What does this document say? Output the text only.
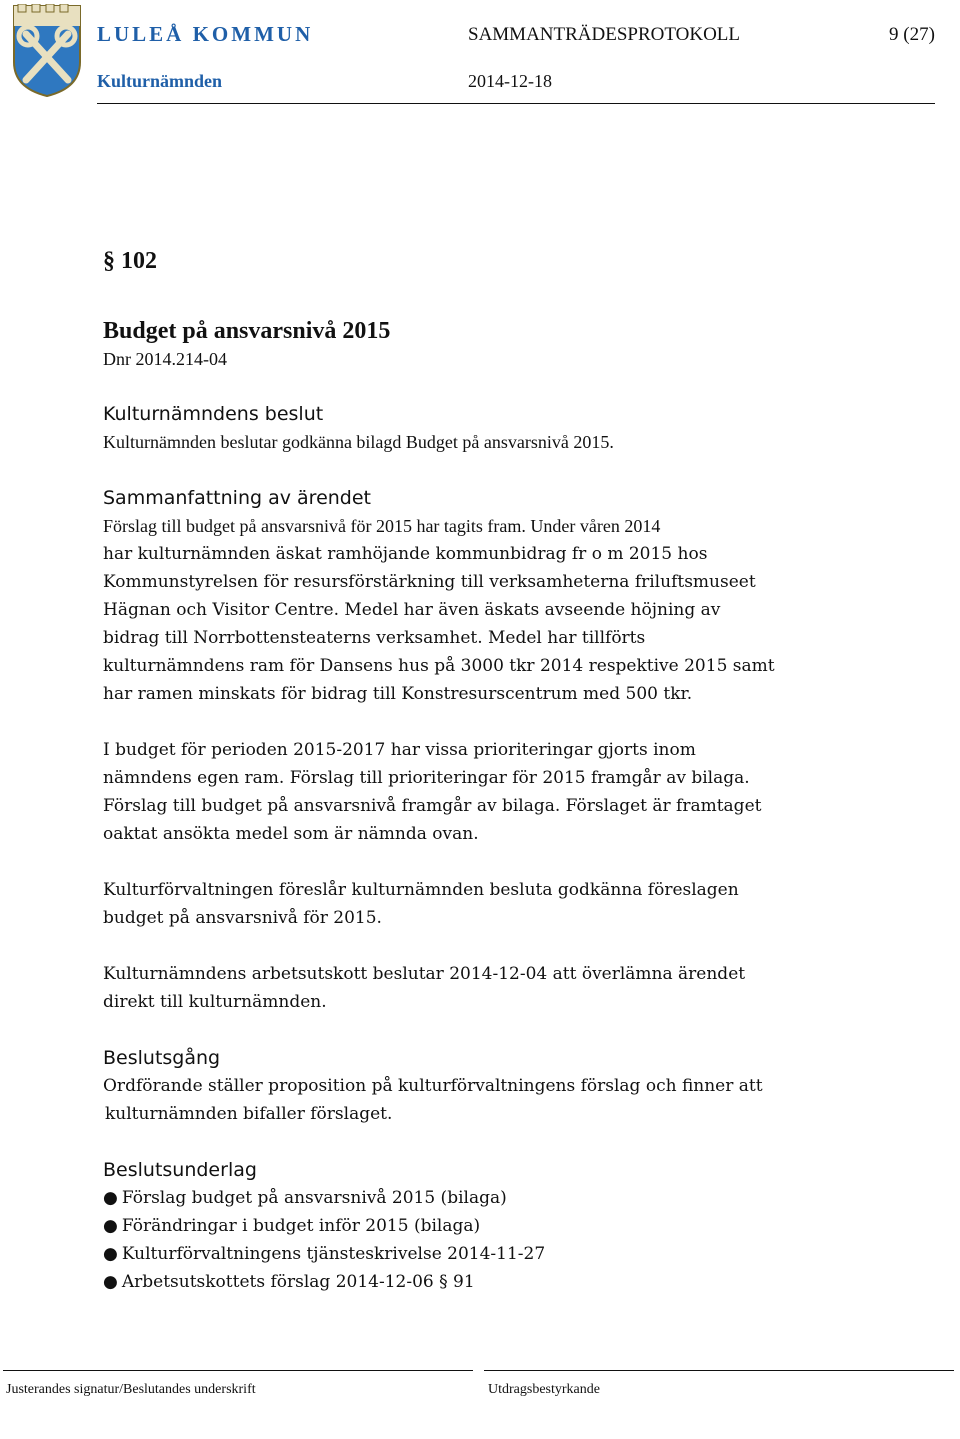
LULEÅ KOMMUN	SAMMANTRÄDESPROTOKOLL	9 (27)
Kulturnämnden	2014-12-18
§ 102
Budget på ansvarsnivå 2015
Dnr 2014.214-04
Kulturnämndens beslut
Kulturnämnden beslutar godkänna bilagd Budget på ansvarsnivå 2015.
Sammanfattning av ärendet
Förslag till budget på ansvarsnivå för 2015 har tagits fram. Under våren 2014
har kulturnämnden äskat ramhöjande kommunbidrag fr o m 2015 hos
Kommunstyrelsen för resursförstärkning till verksamheterna friluftsmuseet
Hägnan och Visitor Centre. Medel har även äskats avseende höjning av
bidrag till Norrbottensteaterns verksamhet. Medel har tillförts
kulturnämndens ram för Dansens hus på 3000 tkr 2014 respektive 2015 samt
har ramen minskats för bidrag till Konstresurscentrum med 500 tkr.
I budget för perioden 2015-2017 har vissa prioriteringar gjorts inom
nämndens egen ram. Förslag till prioriteringar för 2015 framgår av bilaga.
Förslag till budget på ansvarsnivå framgår av bilaga. Förslaget är framtaget
oaktat ansökta medel som är nämnda ovan.
Kulturförvaltningen föreslår kulturnämnden besluta godkänna föreslagen
budget på ansvarsnivå för 2015.
Kulturnämndens arbetsutskott beslutar 2014-12-04 att överlämna ärendet
direkt till kulturnämnden.
Beslutsgång
Ordförande ställer proposition på kulturförvaltningens förslag och finner att
kulturnämnden bifaller förslaget.
Beslutsunderlag
● Förslag budget på ansvarsnivå 2015 (bilaga)
● Förändringar i budget inför 2015 (bilaga)
● Kulturförvaltningens tjänsteskrivelse 2014-11-27
● Arbetsutskottets förslag 2014-12-06 § 91
Justerandes signatur/Beslutandes underskrift	Utdragsbestyrkande
